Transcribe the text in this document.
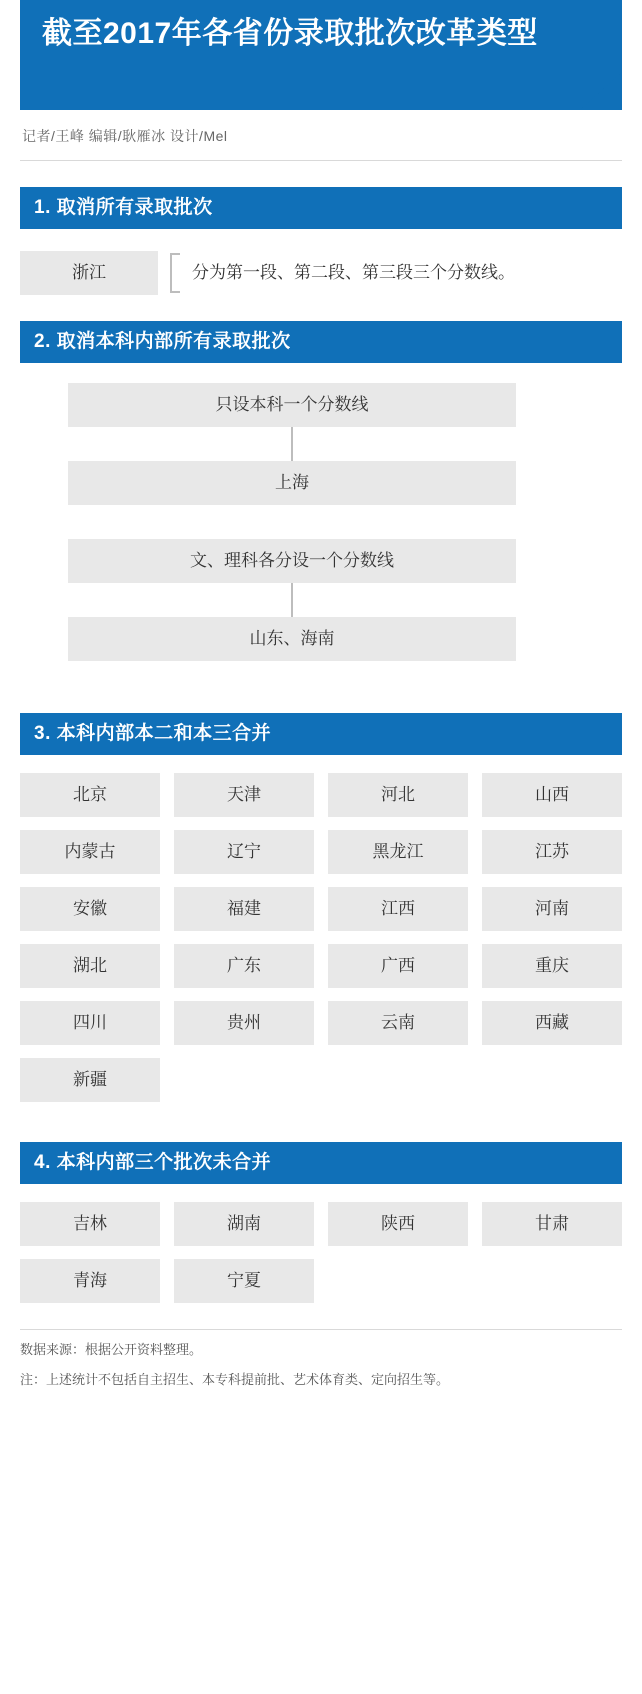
截至2017年各省份录取批次改革类型
记者/王峰 编辑/耿雁冰 设计/Mel
1. 取消所有录取批次
浙江	分为第一段、第二段、第三段三个分数线。
2. 取消本科内部所有录取批次
只设本科一个分数线
上海
文、理科各分设一个分数线
山东、海南
3. 本科内部本二和本三合并
北京	天津	河北	山西
内蒙古	辽宁	黑龙江	江苏
安徽	福建	江西	河南
湖北	广东	广西	重庆
四川	贵州	云南	西藏
新疆
4. 本科内部三个批次未合并
吉林	湖南	陕西	甘肃
青海	宁夏
数据来源：根据公开资料整理。
注：上述统计不包括自主招生、本专科提前批、艺术体育类、定向招生等。
